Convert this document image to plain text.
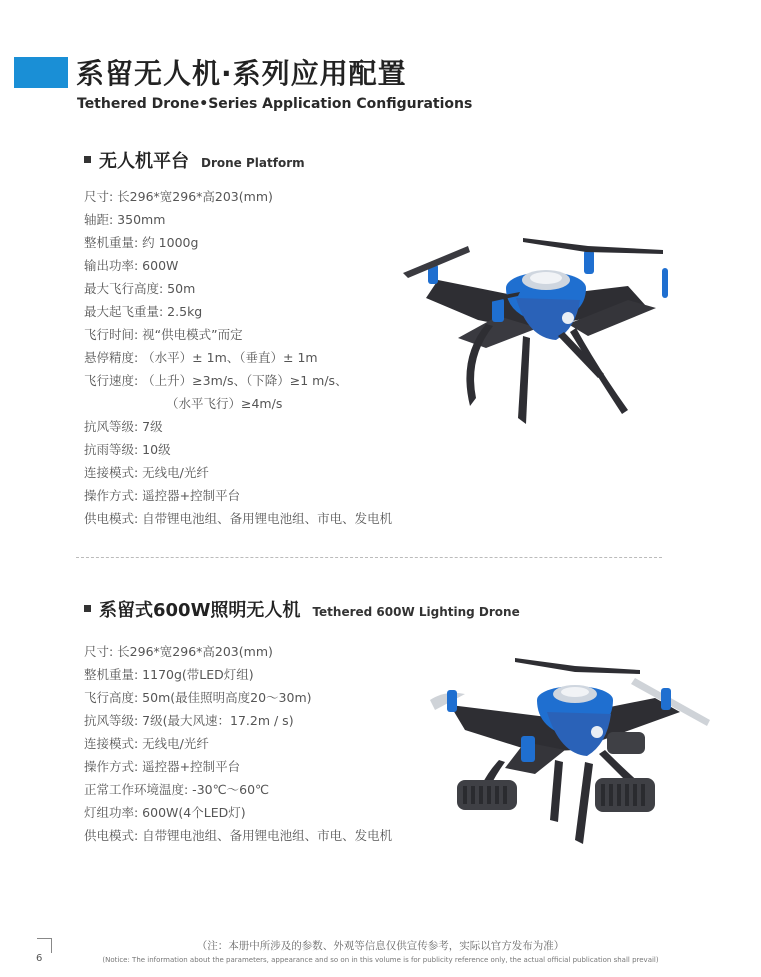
系留无人机·系列应用配置
Tethered Drone•Series Application Configurations
无人机平台 Drone Platform
尺寸: 长296*宽296*高203(mm)
轴距: 350mm
整机重量: 约 1000g
输出功率: 600W
最大飞行高度: 50m
最大起飞重量: 2.5kg
飞行时间: 视“供电模式”而定
悬停精度: （水平）± 1m、（垂直）± 1m
飞行速度: （上升）≥3m/s、（下降）≥1 m/s、
（水平飞行）≥4m/s
抗风等级: 7级
抗雨等级: 10级
连接模式: 无线电/光纤
操作方式: 遥控器+控制平台
供电模式: 自带锂电池组、备用锂电池组、市电、发电机
系留式600W照明无人机 Tethered 600W Lighting Drone
尺寸: 长296*宽296*高203(mm)
整机重量: 1170g(带LED灯组)
飞行高度: 50m(最佳照明高度20～30m)
抗风等级: 7级(最大风速：17.2m / s)
连接模式: 无线电/光纤
操作方式: 遥控器+控制平台
正常工作环境温度: -30℃～60℃
灯组功率: 600W(4个LED灯)
供电模式: 自带锂电池组、备用锂电池组、市电、发电机
（注：本册中所涉及的参数、外观等信息仅供宣传参考，实际以官方发布为准）
(Notice: The information about the parameters, appearance and so on in this volume is for publicity reference only, the actual official publication shall prevail)
6
